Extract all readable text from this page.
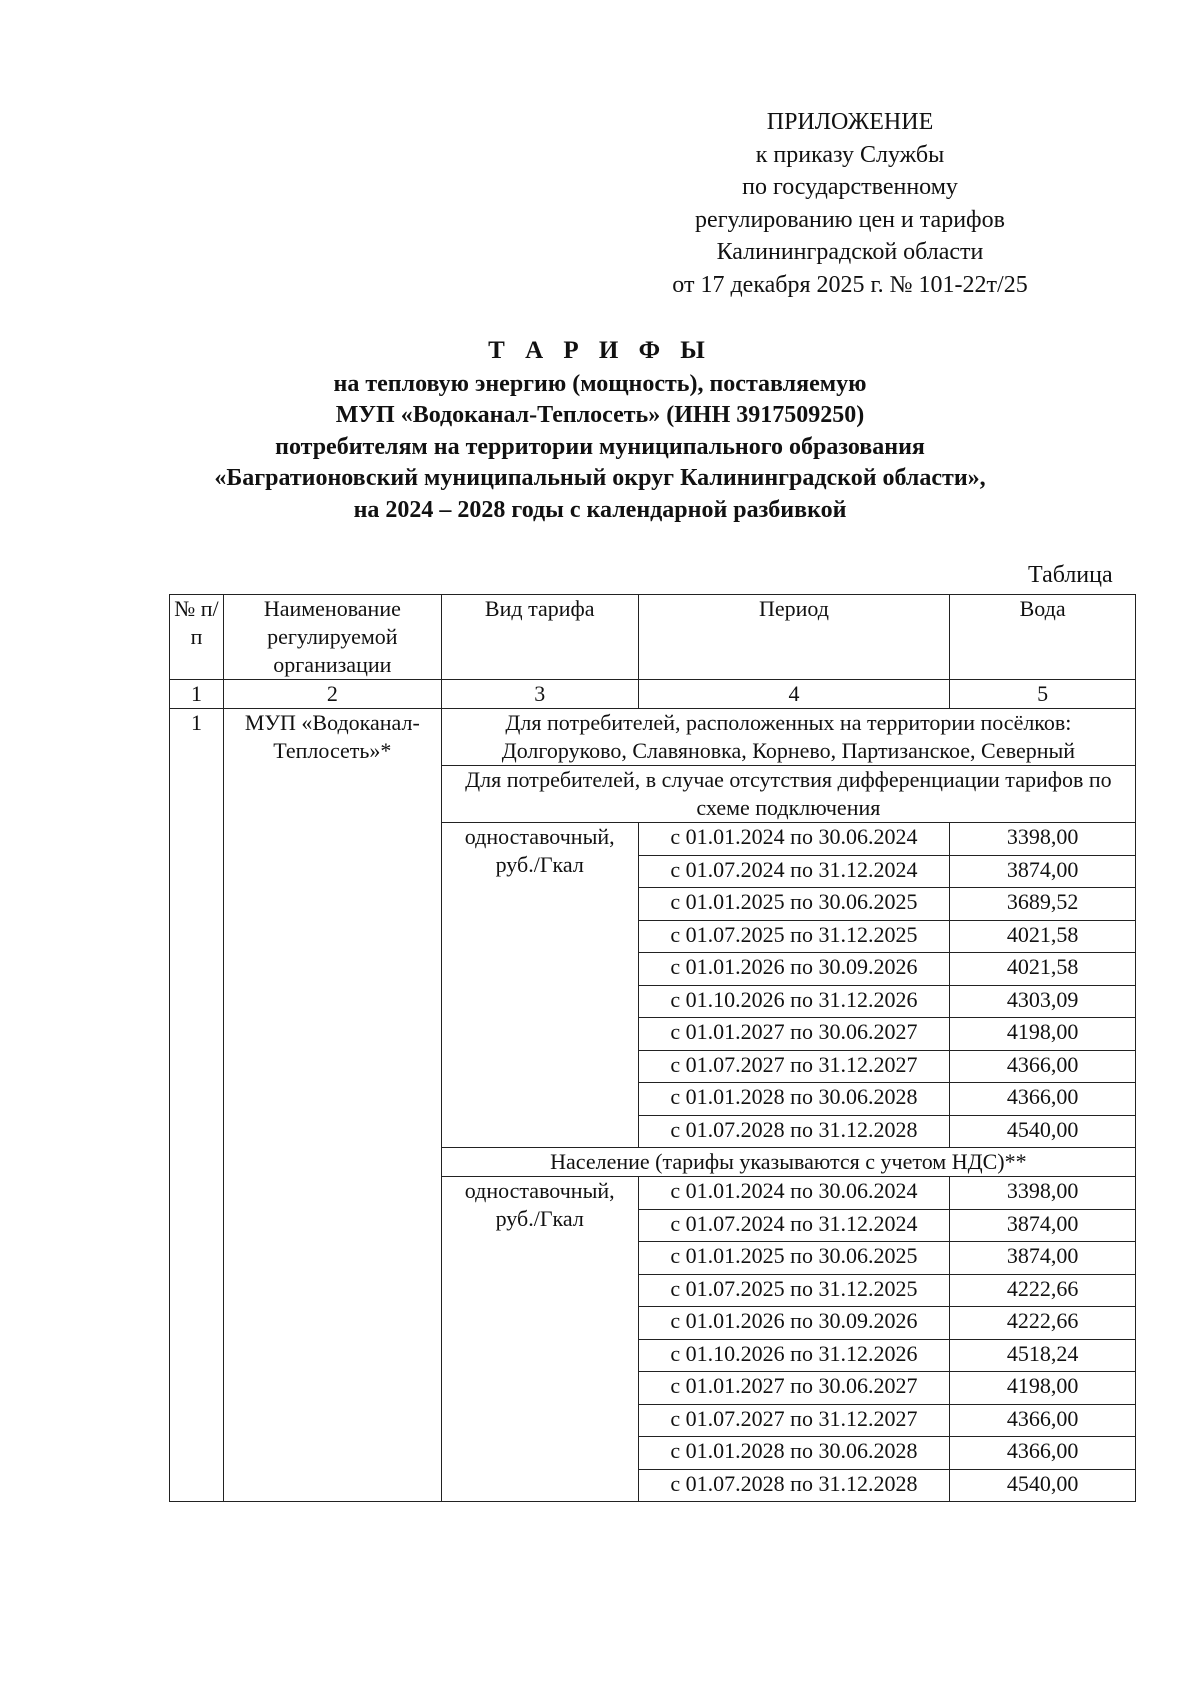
ПРИЛОЖЕНИЕ
к приказу Службы
по государственному
регулированию цен и тарифов
Калининградской области
от 17 декабря 2025 г. № 101-22т/25
Т А Р И Ф Ы
на тепловую энергию (мощность), поставляемую
МУП «Водоканал-Теплосеть» (ИНН 3917509250)
потребителям на территории муниципального образования
«Багратионовский муниципальный округ Калининградской области»,
на 2024 – 2028 годы с календарной разбивкой
Таблица
№ п/п	Наименование регулируемой организации	Вид тарифа	Период	Вода
1	2	3	4	5
1	МУП «Водоканал-Теплосеть»*	Для потребителей, расположенных на территории посёлков: Долгоруково, Славяновка, Корнево, Партизанское, Северный		
		Для потребителей, в случае отсутствия дифференциации тарифов по схеме подключения		
		одноставочный, руб./Гкал	с 01.01.2024 по 30.06.2024	3398,00
			с 01.07.2024 по 31.12.2024	3874,00
			с 01.01.2025 по 30.06.2025	3689,52
			с 01.07.2025 по 31.12.2025	4021,58
			с 01.01.2026 по 30.09.2026	4021,58
			с 01.10.2026 по 31.12.2026	4303,09
			с 01.01.2027 по 30.06.2027	4198,00
			с 01.07.2027 по 31.12.2027	4366,00
			с 01.01.2028 по 30.06.2028	4366,00
			с 01.07.2028 по 31.12.2028	4540,00
		Население (тарифы указываются с учетом НДС)**		
		одноставочный, руб./Гкал	с 01.01.2024 по 30.06.2024	3398,00
			с 01.07.2024 по 31.12.2024	3874,00
			с 01.01.2025 по 30.06.2025	3874,00
			с 01.07.2025 по 31.12.2025	4222,66
			с 01.01.2026 по 30.09.2026	4222,66
			с 01.10.2026 по 31.12.2026	4518,24
			с 01.01.2027 по 30.06.2027	4198,00
			с 01.07.2027 по 31.12.2027	4366,00
			с 01.01.2028 по 30.06.2028	4366,00
			с 01.07.2028 по 31.12.2028	4540,00
